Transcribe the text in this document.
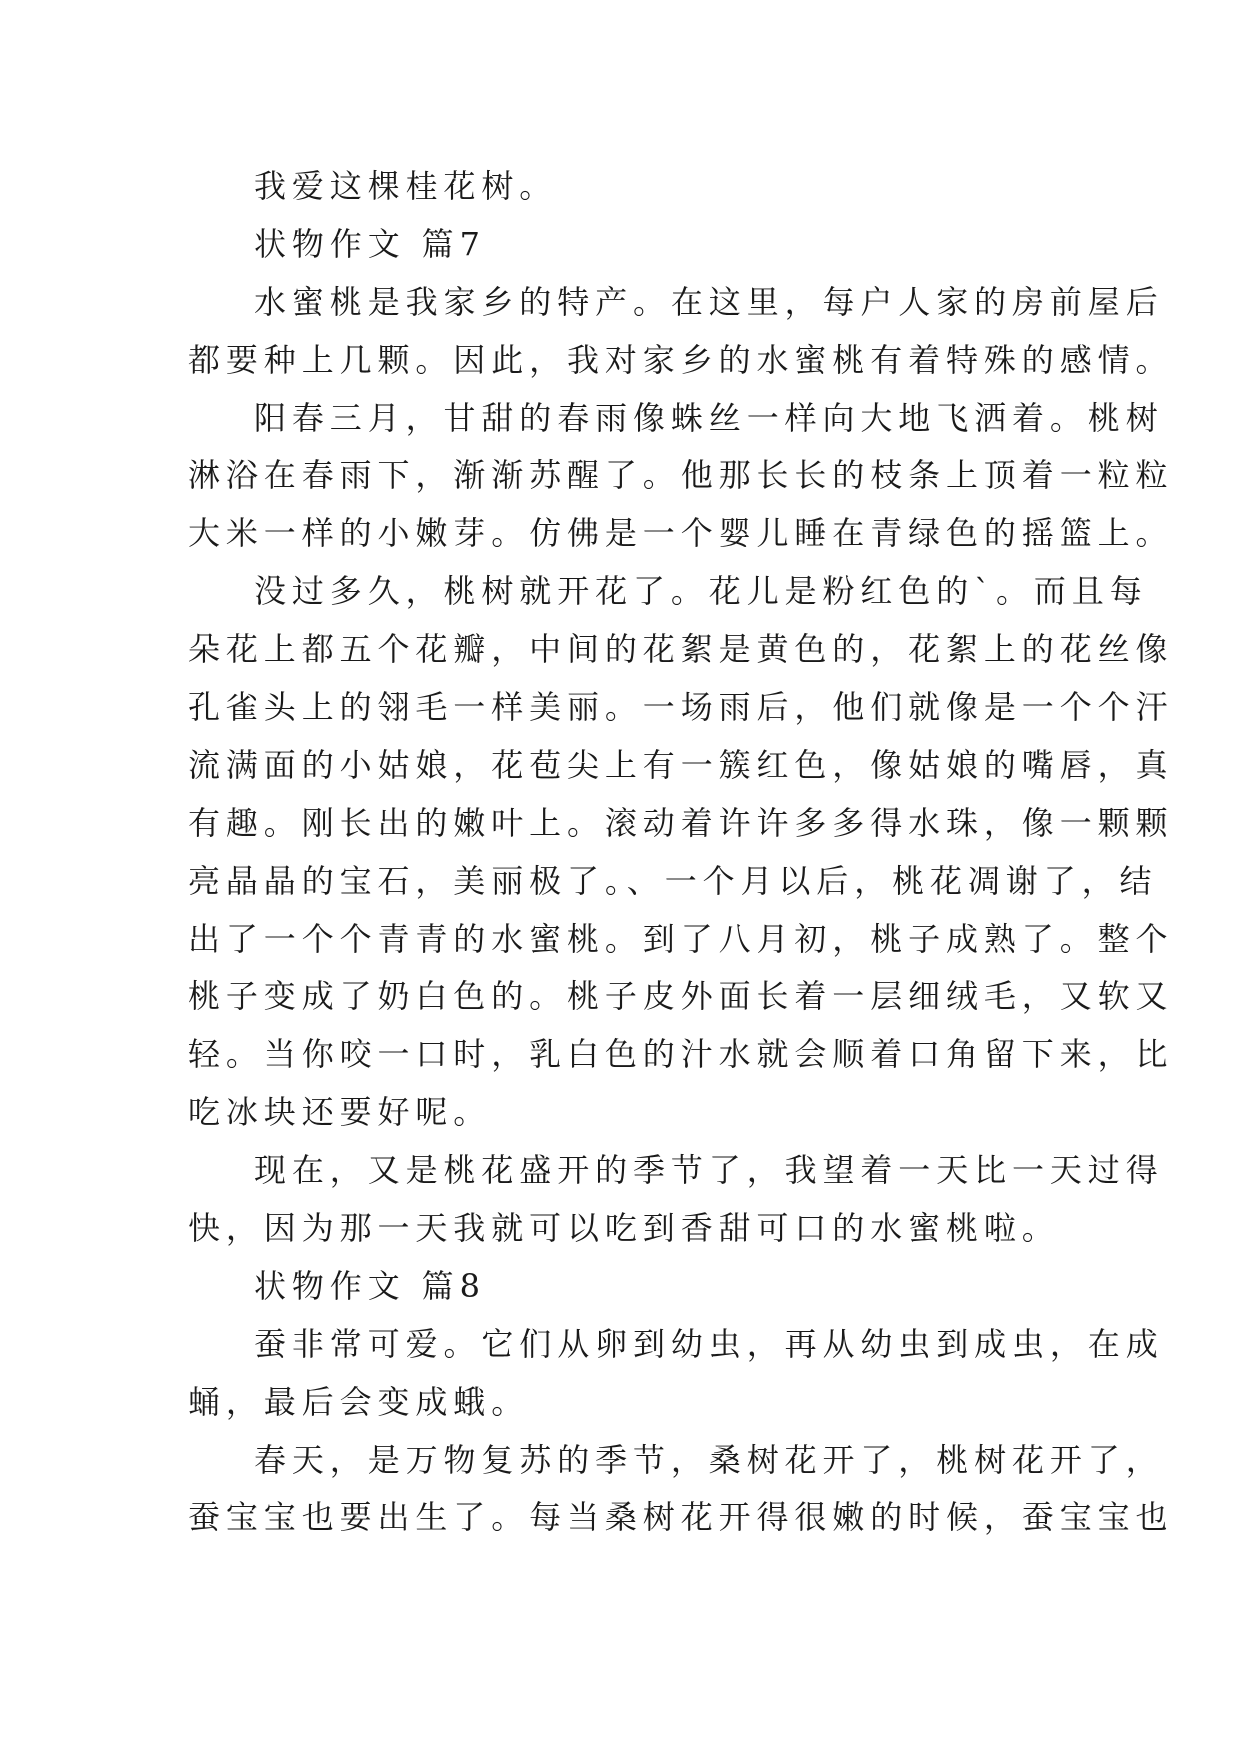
我爱这棵桂花树。
状物作文 篇7
水蜜桃是我家乡的特产。在这里，每户人家的房前屋后
都要种上几颗。因此，我对家乡的水蜜桃有着特殊的感情。
阳春三月，甘甜的春雨像蛛丝一样向大地飞洒着。桃树
淋浴在春雨下，渐渐苏醒了。他那长长的枝条上顶着一粒粒
大米一样的小嫩芽。仿佛是一个婴儿睡在青绿色的摇篮上。
没过多久，桃树就开花了。花儿是粉红色的`。而且每
朵花上都五个花瓣，中间的花絮是黄色的，花絮上的花丝像
孔雀头上的翎毛一样美丽。一场雨后，他们就像是一个个汗
流满面的小姑娘，花苞尖上有一簇红色，像姑娘的嘴唇，真
有趣。刚长出的嫩叶上。滚动着许许多多得水珠，像一颗颗
亮晶晶的宝石，美丽极了。、一个月以后，桃花凋谢了，结
出了一个个青青的水蜜桃。到了八月初，桃子成熟了。整个
桃子变成了奶白色的。桃子皮外面长着一层细绒毛，又软又
轻。当你咬一口时，乳白色的汁水就会顺着口角留下来，比
吃冰块还要好呢。
现在，又是桃花盛开的季节了，我望着一天比一天过得
快，因为那一天我就可以吃到香甜可口的水蜜桃啦。
状物作文 篇8
蚕非常可爱。它们从卵到幼虫，再从幼虫到成虫，在成
蛹，最后会变成蛾。
春天，是万物复苏的季节，桑树花开了，桃树花开了，
蚕宝宝也要出生了。每当桑树花开得很嫩的时候，蚕宝宝也
